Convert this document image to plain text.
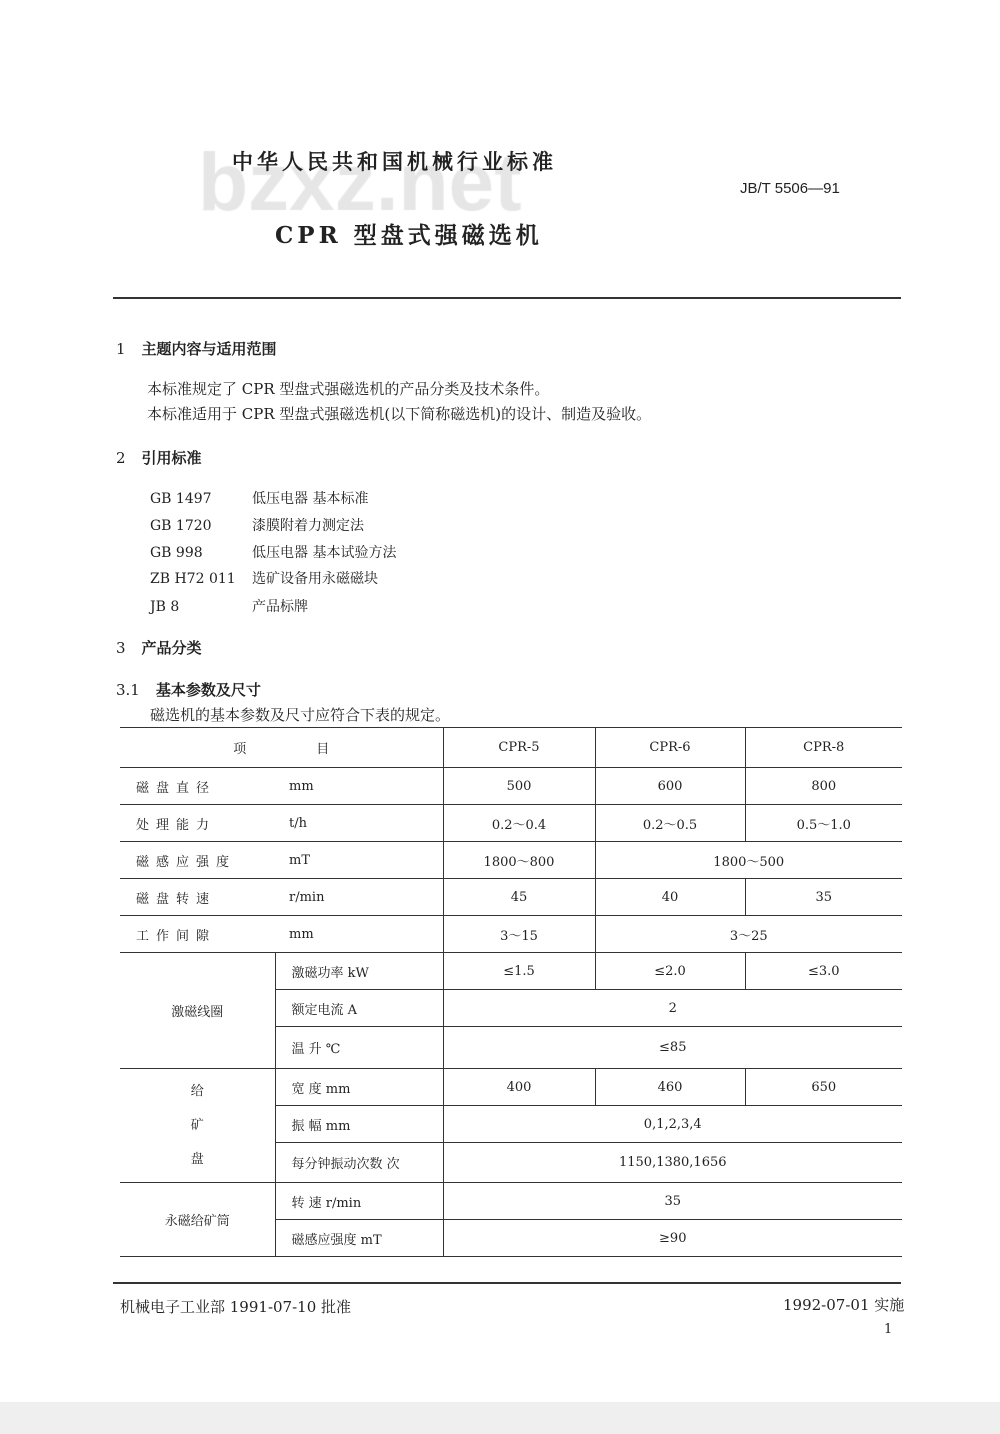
中华人民共和国机械行业标准
JB/T 5506—91
CPR 型盘式强磁选机
1 主题内容与适用范围
本标准规定了 CPR 型盘式强磁选机的产品分类及技术条件。
本标准适用于 CPR 型盘式强磁选机(以下简称磁选机)的设计、制造及验收。
2 引用标准
GB 1497	低压电器 基本标准
GB 1720	漆膜附着力测定法
GB 998	低压电器 基本试验方法
ZB H72 011 选矿设备用永磁磁块
JB 8	产品标牌
3 产品分类
3.1 基本参数及尺寸
磁选机的基本参数及尺寸应符合下表的规定。
项 目		CPR-5	CPR-6	CPR-8
磁盘直径	mm	500	600	800
处理能力	t/h	0.2～0.4	0.2～0.5	0.5～1.0
磁感应强度	mT	1800～800	1800～500	
磁盘转速	r/min	45	40	35
工作间隙	mm	3～15	3～25	
激磁线圈	激磁功率 kW	≤1.5	≤2.0	≤3.0
	额定电流 A	2		
	温 升 ℃	≤85		

给矿盘	宽 度 mm	400	460	650
	振 幅 mm	0,1,2,3,4		
	每分钟振动次数 次	1150,1380,1656		
永磁给矿筒	转 速 r/min	35		
	磁感应强度 mT	≥90		
机械电子工业部 1991-07-10 批准	1992-07-01 实施
1
